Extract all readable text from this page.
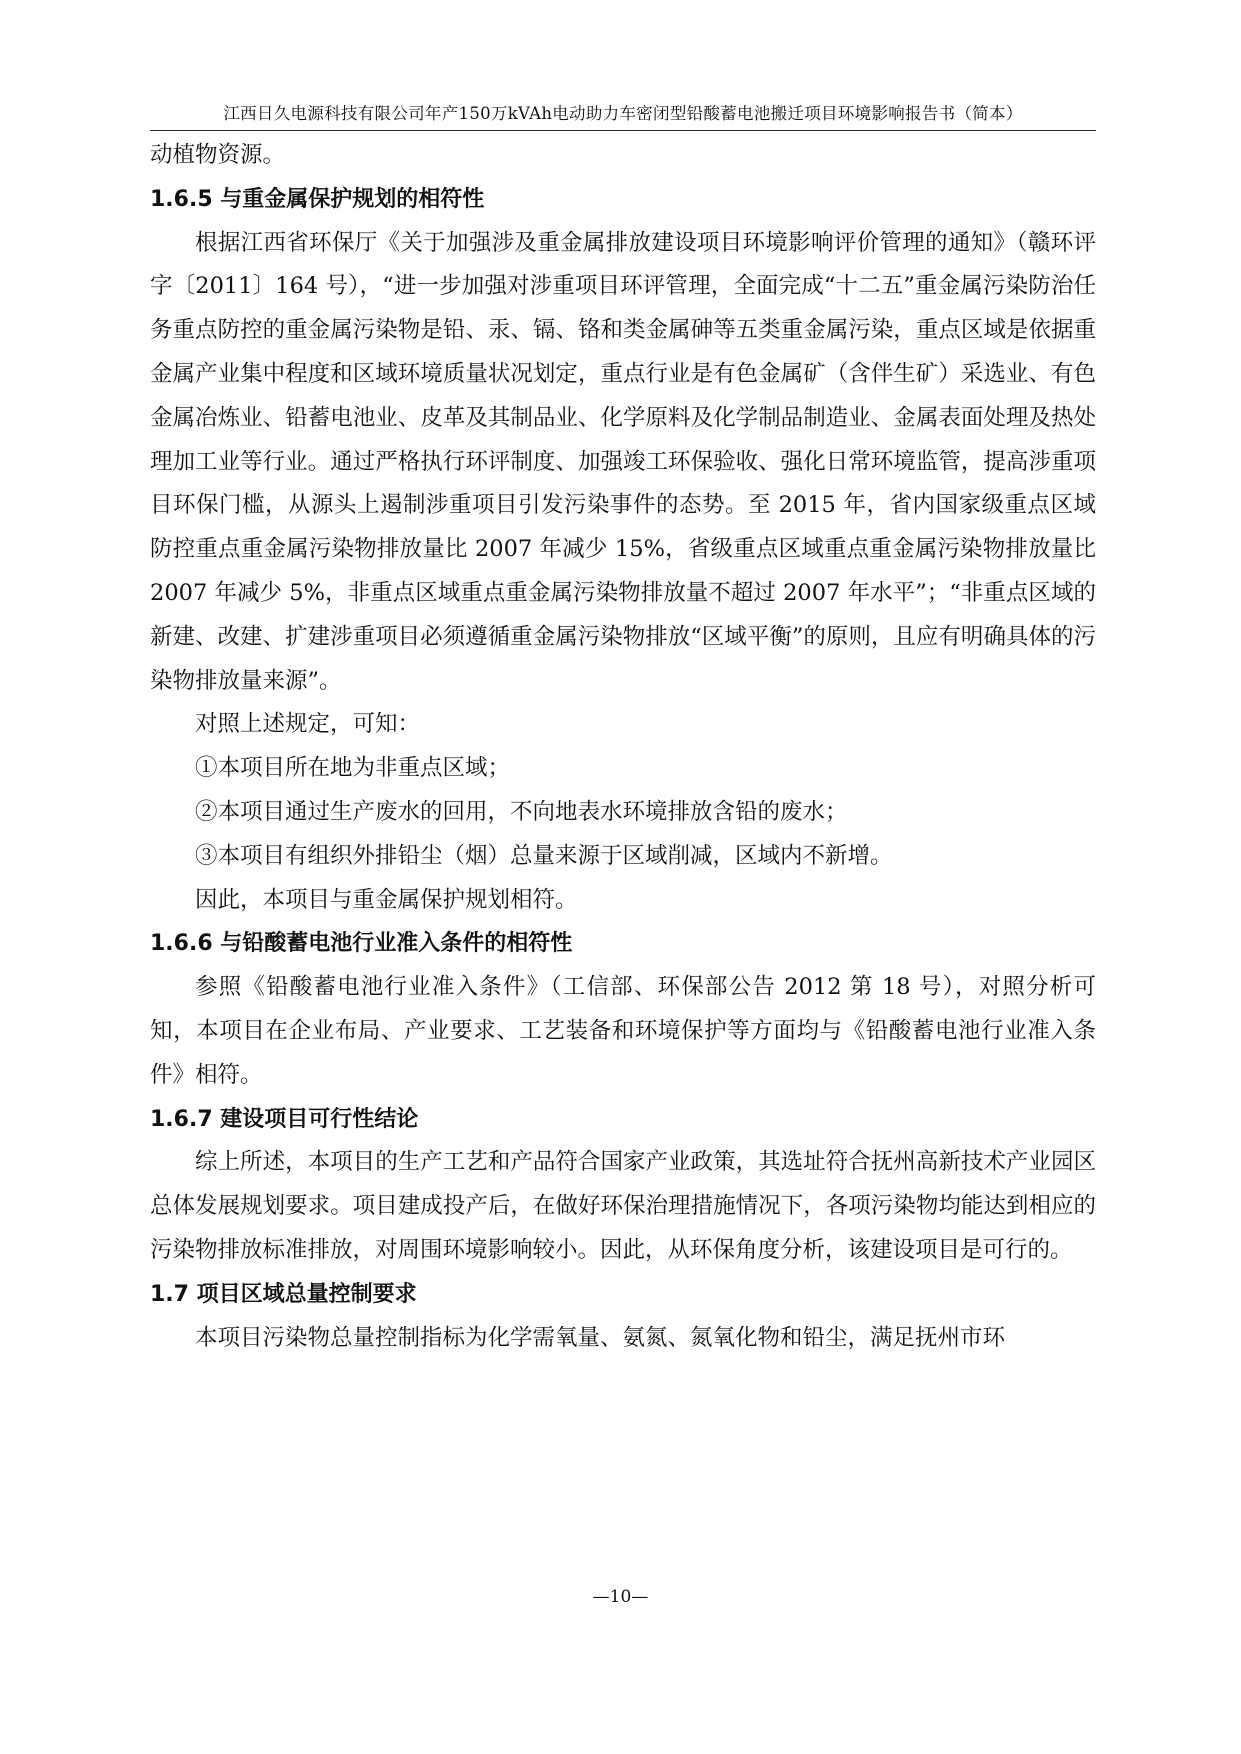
江西日久电源科技有限公司年产150万kVAh电动助力车密闭型铅酸蓄电池搬迁项目环境影响报告书（简本）

动植物资源。

1.6.5 与重金属保护规划的相符性

根据江西省环保厅《关于加强涉及重金属排放建设项目环境影响评价管理的通知》（赣环评字〔2011〕164 号），“进一步加强对涉重项目环评管理，全面完成“十二五”重金属污染防治任务重点防控的重金属污染物是铅、汞、镉、铬和类金属砷等五类重金属污染，重点区域是依据重金属产业集中程度和区域环境质量状况划定，重点行业是有色金属矿（含伴生矿）采选业、有色金属冶炼业、铅蓄电池业、皮革及其制品业、化学原料及化学制品制造业、金属表面处理及热处理加工业等行业。通过严格执行环评制度、加强竣工环保验收、强化日常环境监管，提高涉重项目环保门槛，从源头上遏制涉重项目引发污染事件的态势。至 2015 年，省内国家级重点区域防控重点重金属污染物排放量比 2007 年减少 15%，省级重点区域重点重金属污染物排放量比 2007 年减少 5%，非重点区域重点重金属污染物排放量不超过 2007 年水平”；“非重点区域的新建、改建、扩建涉重项目必须遵循重金属污染物排放“区域平衡”的原则，且应有明确具体的污染物排放量来源”。

对照上述规定，可知：

①本项目所在地为非重点区域；

②本项目通过生产废水的回用，不向地表水环境排放含铅的废水；

③本项目有组织外排铅尘（烟）总量来源于区域削减，区域内不新增。

因此，本项目与重金属保护规划相符。

1.6.6 与铅酸蓄电池行业准入条件的相符性

参照《铅酸蓄电池行业准入条件》（工信部、环保部公告 2012 第 18 号），对照分析可知，本项目在企业布局、产业要求、工艺装备和环境保护等方面均与《铅酸蓄电池行业准入条件》相符。

1.6.7 建设项目可行性结论

综上所述，本项目的生产工艺和产品符合国家产业政策，其选址符合抚州高新技术产业园区总体发展规划要求。项目建成投产后，在做好环保治理措施情况下，各项污染物均能达到相应的污染物排放标准排放，对周围环境影响较小。因此，从环保角度分析，该建设项目是可行的。

1.7 项目区域总量控制要求

本项目污染物总量控制指标为化学需氧量、氨氮、氮氧化物和铅尘，满足抚州市环

—10—
